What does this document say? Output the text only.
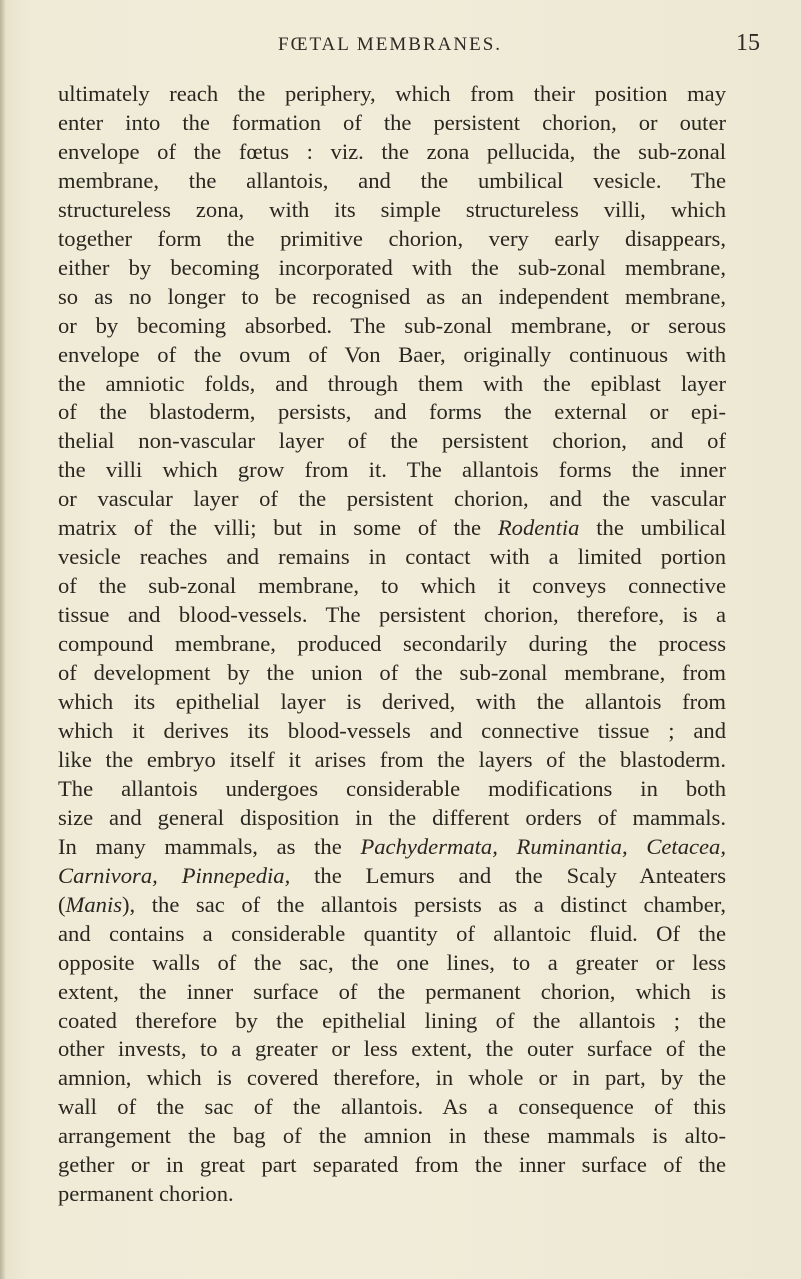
FŒTAL MEMBRANES.	15
ultimately reach the periphery, which from their position may
enter into the formation of the persistent chorion, or outer
envelope of the fœtus : viz. the zona pellucida, the sub-zonal
membrane, the allantois, and the umbilical vesicle. The
structureless zona, with its simple structureless villi, which
together form the primitive chorion, very early disappears,
either by becoming incorporated with the sub-zonal membrane,
so as no longer to be recognised as an independent membrane,
or by becoming absorbed. The sub-zonal membrane, or serous
envelope of the ovum of Von Baer, originally continuous with
the amniotic folds, and through them with the epiblast layer
of the blastoderm, persists, and forms the external or epi-
thelial non-vascular layer of the persistent chorion, and of
the villi which grow from it. The allantois forms the inner
or vascular layer of the persistent chorion, and the vascular
matrix of the villi; but in some of the Rodentia the umbilical
vesicle reaches and remains in contact with a limited portion
of the sub-zonal membrane, to which it conveys connective
tissue and blood-vessels. The persistent chorion, therefore, is a
compound membrane, produced secondarily during the process
of development by the union of the sub-zonal membrane, from
which its epithelial layer is derived, with the allantois from
which it derives its blood-vessels and connective tissue ; and
like the embryo itself it arises from the layers of the blastoderm.
The allantois undergoes considerable modifications in both
size and general disposition in the different orders of mammals.
In many mammals, as the Pachydermata, Ruminantia, Cetacea,
Carnivora, Pinnepedia, the Lemurs and the Scaly Anteaters
(Manis), the sac of the allantois persists as a distinct chamber,
and contains a considerable quantity of allantoic fluid. Of the
opposite walls of the sac, the one lines, to a greater or less
extent, the inner surface of the permanent chorion, which is
coated therefore by the epithelial lining of the allantois ; the
other invests, to a greater or less extent, the outer surface of the
amnion, which is covered therefore, in whole or in part, by the
wall of the sac of the allantois. As a consequence of this
arrangement the bag of the amnion in these mammals is alto-
gether or in great part separated from the inner surface of the
permanent chorion.
